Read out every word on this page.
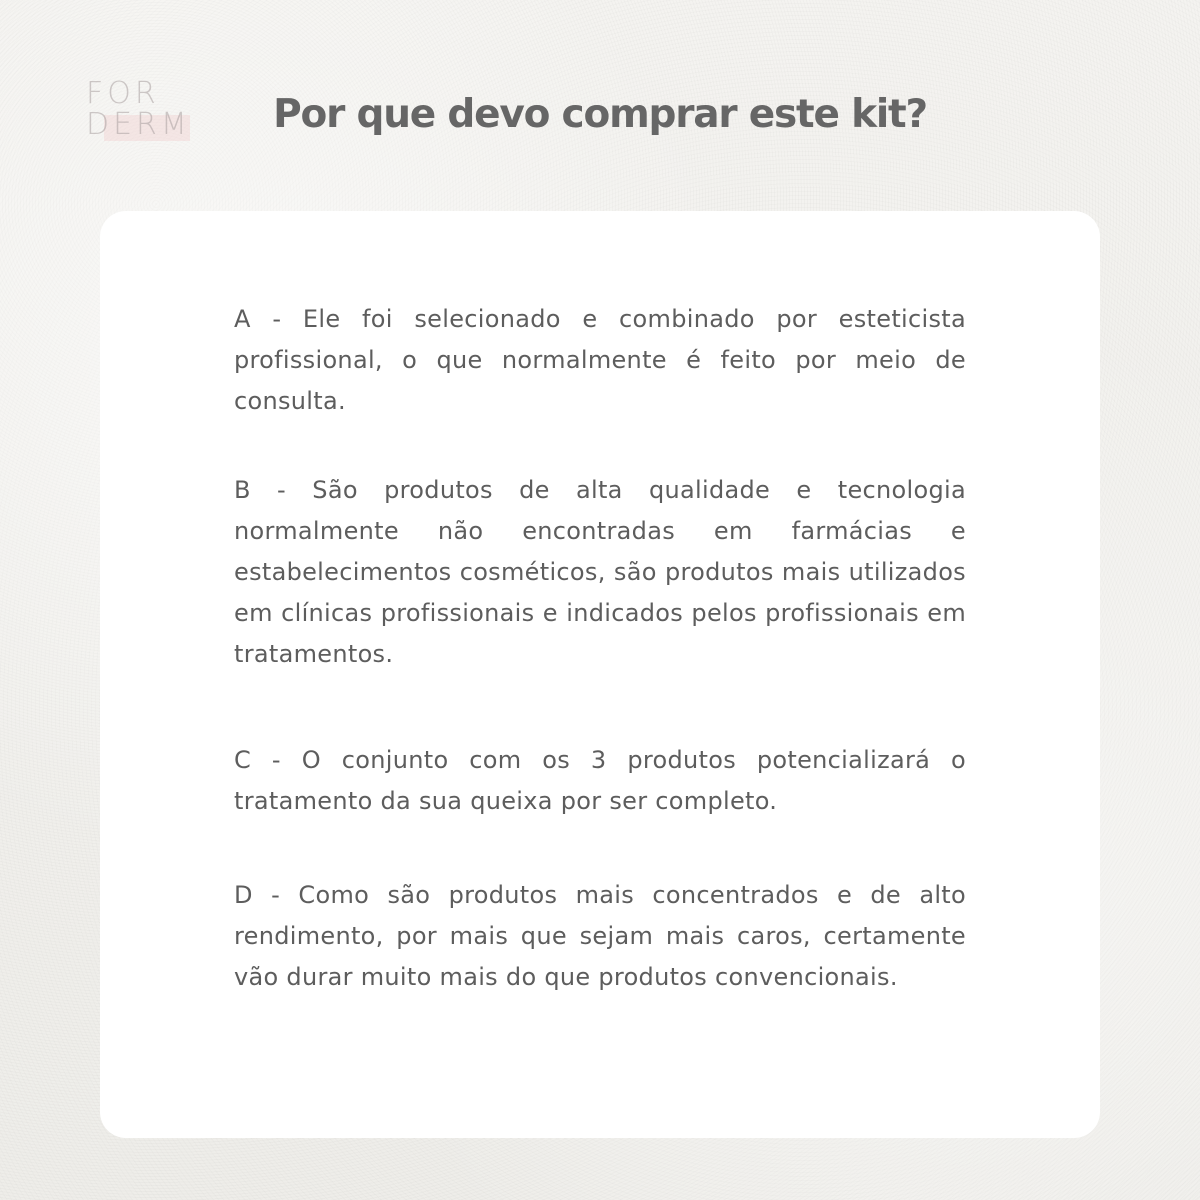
FOR
DERM	Por que devo comprar este kit?

A - Ele foi selecionado e combinado por esteticista profissional, o que normalmente é feito por meio de consulta.

B - São produtos de alta qualidade e tecnologia normalmente não encontradas em farmácias e estabelecimentos cosméticos, são produtos mais utilizados em clínicas profissionais e indicados pelos profissionais em tratamentos.

C - O conjunto com os 3 produtos potencializará o tratamento da sua queixa por ser completo.

D - Como são produtos mais concentrados e de alto rendimento, por mais que sejam mais caros, certamente vão durar muito mais do que produtos convencionais.
